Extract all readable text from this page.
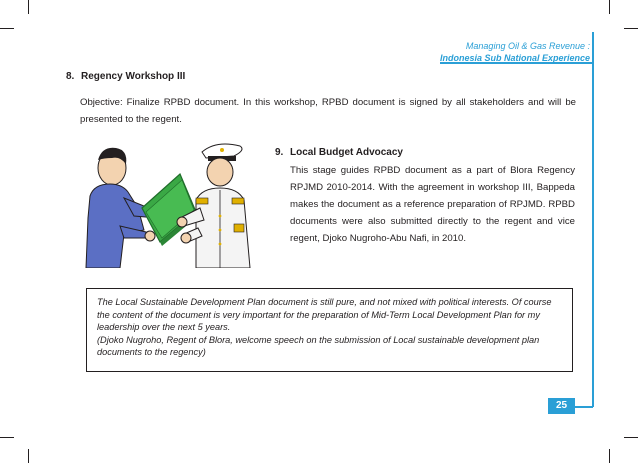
Managing Oil & Gas Revenue :
Indonesia Sub National Experience
8. Regency Workshop III
Objective: Finalize RPBD document. In this workshop, RPBD document is signed by all stakeholders and will be presented to the regent.
9. Local Budget Advocacy
This stage guides RPBD document as a part of Blora Regency RPJMD 2010-2014. With the agreement in workshop III, Bappeda makes the document as a reference preparation of RPJMD. RPBD documents were also submitted directly to the regent and vice regent, Djoko Nugroho-Abu Nafi, in 2010.

The Local Sustainable Development Plan document is still pure, and not mixed with political interests. Of course the content of the document is very important for the preparation of Mid-Term Local Development Plan for my leadership over the next 5 years.

(Djoko Nugroho, Regent of Blora, welcome speech on the submission of Local sustainable development plan documents to the regency)

25
